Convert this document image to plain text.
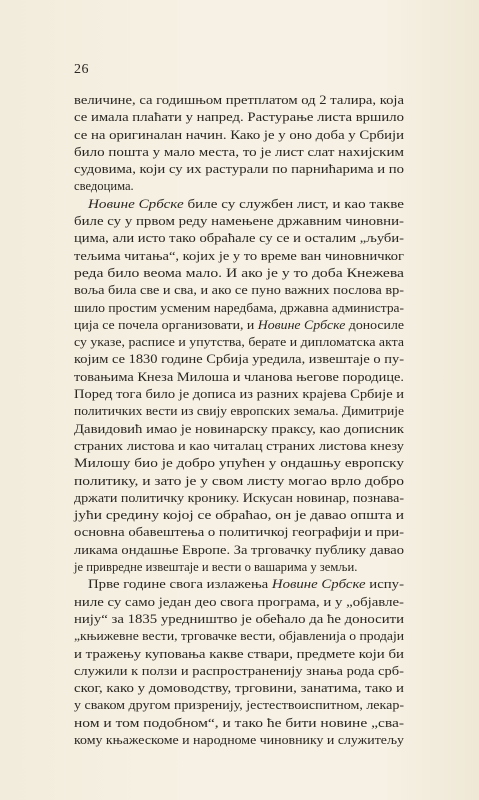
26
величине, са годишњом претплатом од 2 талира, која
се имала плаћати у напред. Растурање листа вршило
се на оригиналан начин. Како је у оно доба у Србији
било пошта у мало места, то је лист слат нахијским
судовима, који су их растурали по парнићарима и по
сведоцима.
Новине Србске биле су службен лист, и као такве
биле су у првом реду намењене државним чиновни-
цима, али исто тако обраћале су се и осталим „љуби-
тељима читања“, којих је у то време ван чиновничког
реда било веома мало. И ако је у то доба Кнежева
воља била све и сва, и ако се пуно важних послова вр-
шило простим усменим наредбама, државна администра-
ција се почела организовати, и Новине Србске доносиле
су указе, расписе и упутства, берате и дипломатска акта
којим се 1830 године Србија уредила, извештаје о пу-
товањима Кнеза Милоша и чланова његове породице.
Поред тога било је дописа из разних крајева Србије и
политичких вести из свију европских земаља. Димитрије
Давидовић имао је новинарску праксу, као дописник
страних листова и као читалац страних листова кнезу
Милошу био је добро упућен у ондашњу европску
политику, и зато је у свом листу могао врло добро
држати политичку кронику. Искусан новинар, познава-
јући средину којој се обраћао, он је давао општа и
основна обавештења о политичкој географији и при-
ликама ондашње Европе. За трговачку публику давао
је привредне извештаје и вести о вашарима у земљи.
Прве године свога излажења Новине Србске испу-
ниле су само један део свога програма, и у „објавле-
нију“ за 1835 уредништво је обећало да ће доносити
„књижевне вести, трговачке вести, објавленија о продаји
и тражењу куповања какве ствари, предмете који би
служили к ползи и распространенију знања рода срб-
ског, како у домоводству, трговини, занатима, тако и
у сваком другом призренију, јестествоиспитном, лекар-
ном и том подобном“, и тако ће бити новине „сва-
кому књажескоме и народноме чиновнику и служитељу
